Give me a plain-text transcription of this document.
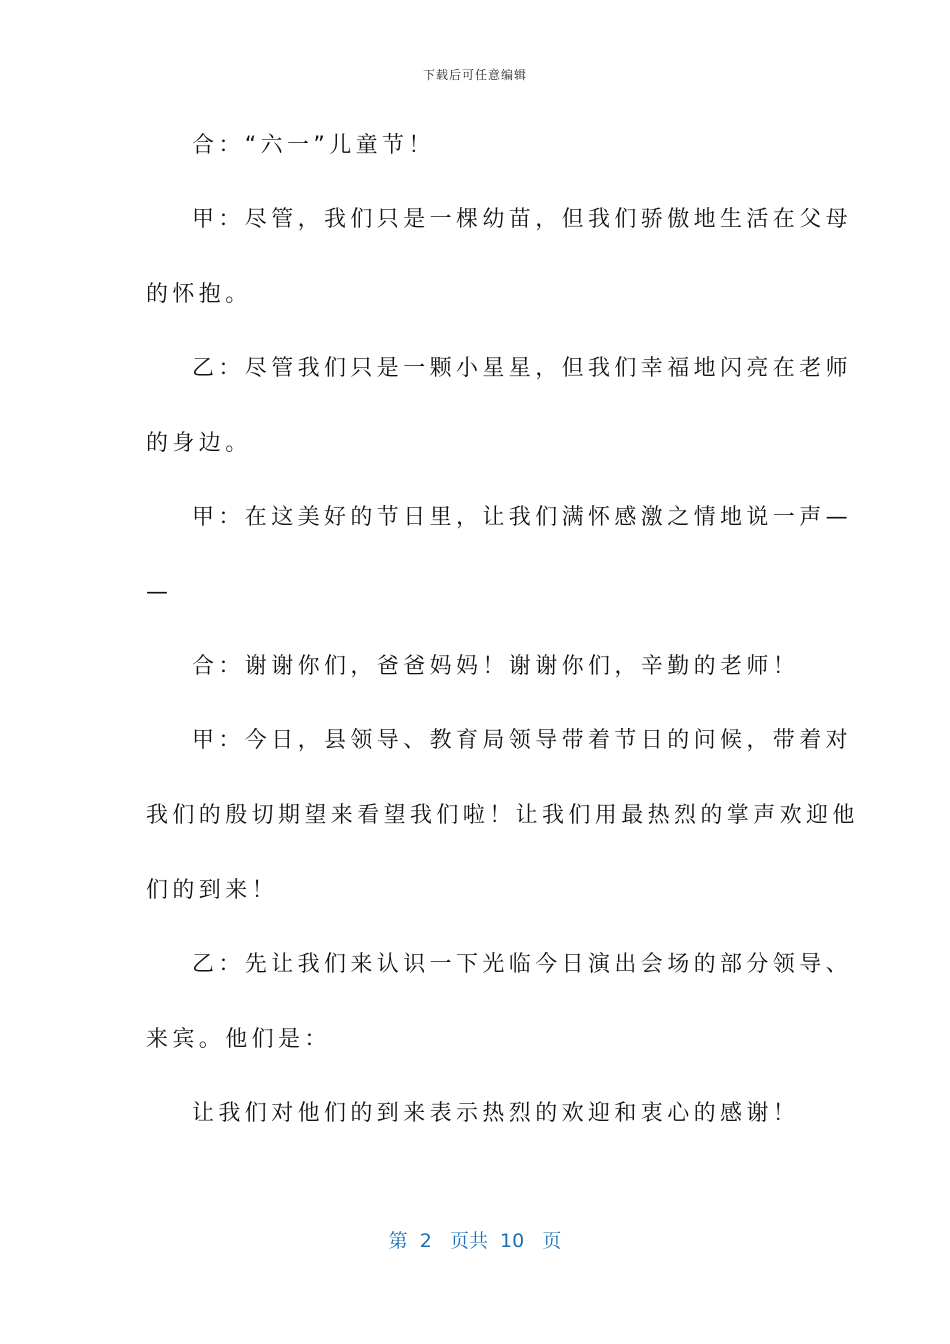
下载后可任意编辑
合：“六一”儿童节！
甲：尽管，我们只是一棵幼苗，但我们骄傲地生活在父母
的怀抱。
乙：尽管我们只是一颗小星星，但我们幸福地闪亮在老师
的身边。
甲：在这美好的节日里，让我们满怀感激之情地说一声—
—
合：谢谢你们，爸爸妈妈！谢谢你们，辛勤的老师！
甲：今日，县领导、教育局领导带着节日的问候，带着对
我们的殷切期望来看望我们啦！让我们用最热烈的掌声欢迎他
们的到来！
乙：先让我们来认识一下光临今日演出会场的部分领导、
来宾。他们是：
让我们对他们的到来表示热烈的欢迎和衷心的感谢！
第  2   页共  10   页
